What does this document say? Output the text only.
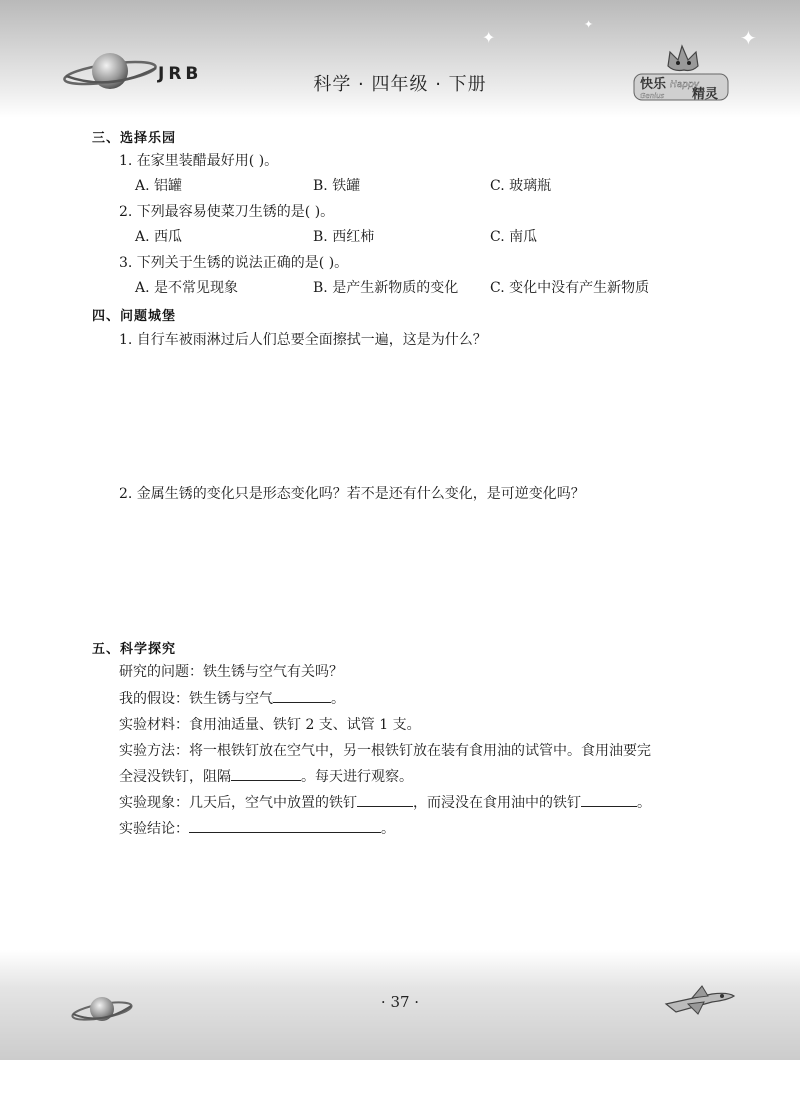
✦	✦
✦
JRB	科学 · 四年级 · 下册	快乐 Happy
Genius 精灵
三、选择乐园
1. 在家里装醋最好用( )。
A. 铝罐	B. 铁罐	C. 玻璃瓶
2. 下列最容易使菜刀生锈的是( )。
A. 西瓜	B. 西红柿	C. 南瓜
3. 下列关于生锈的说法正确的是( )。
A. 是不常见现象	B. 是产生新物质的变化 C. 变化中没有产生新物质
四、问题城堡
1. 自行车被雨淋过后人们总要全面擦拭一遍，这是为什么？
2. 金属生锈的变化只是形态变化吗？若不是还有什么变化，是可逆变化吗？
五、科学探究
研究的问题：铁生锈与空气有关吗？
我的假设：铁生锈与空气	。
实验材料：食用油适量、铁钉 2 支、试管 1 支。
实验方法：将一根铁钉放在空气中，另一根铁钉放在装有食用油的试管中。食用油要完
全浸没铁钉，阻隔	。每天进行观察。
实验现象：几天后，空气中放置的铁钉	，而浸没在食用油中的铁钉	。
实验结论：	。
· 37 ·
